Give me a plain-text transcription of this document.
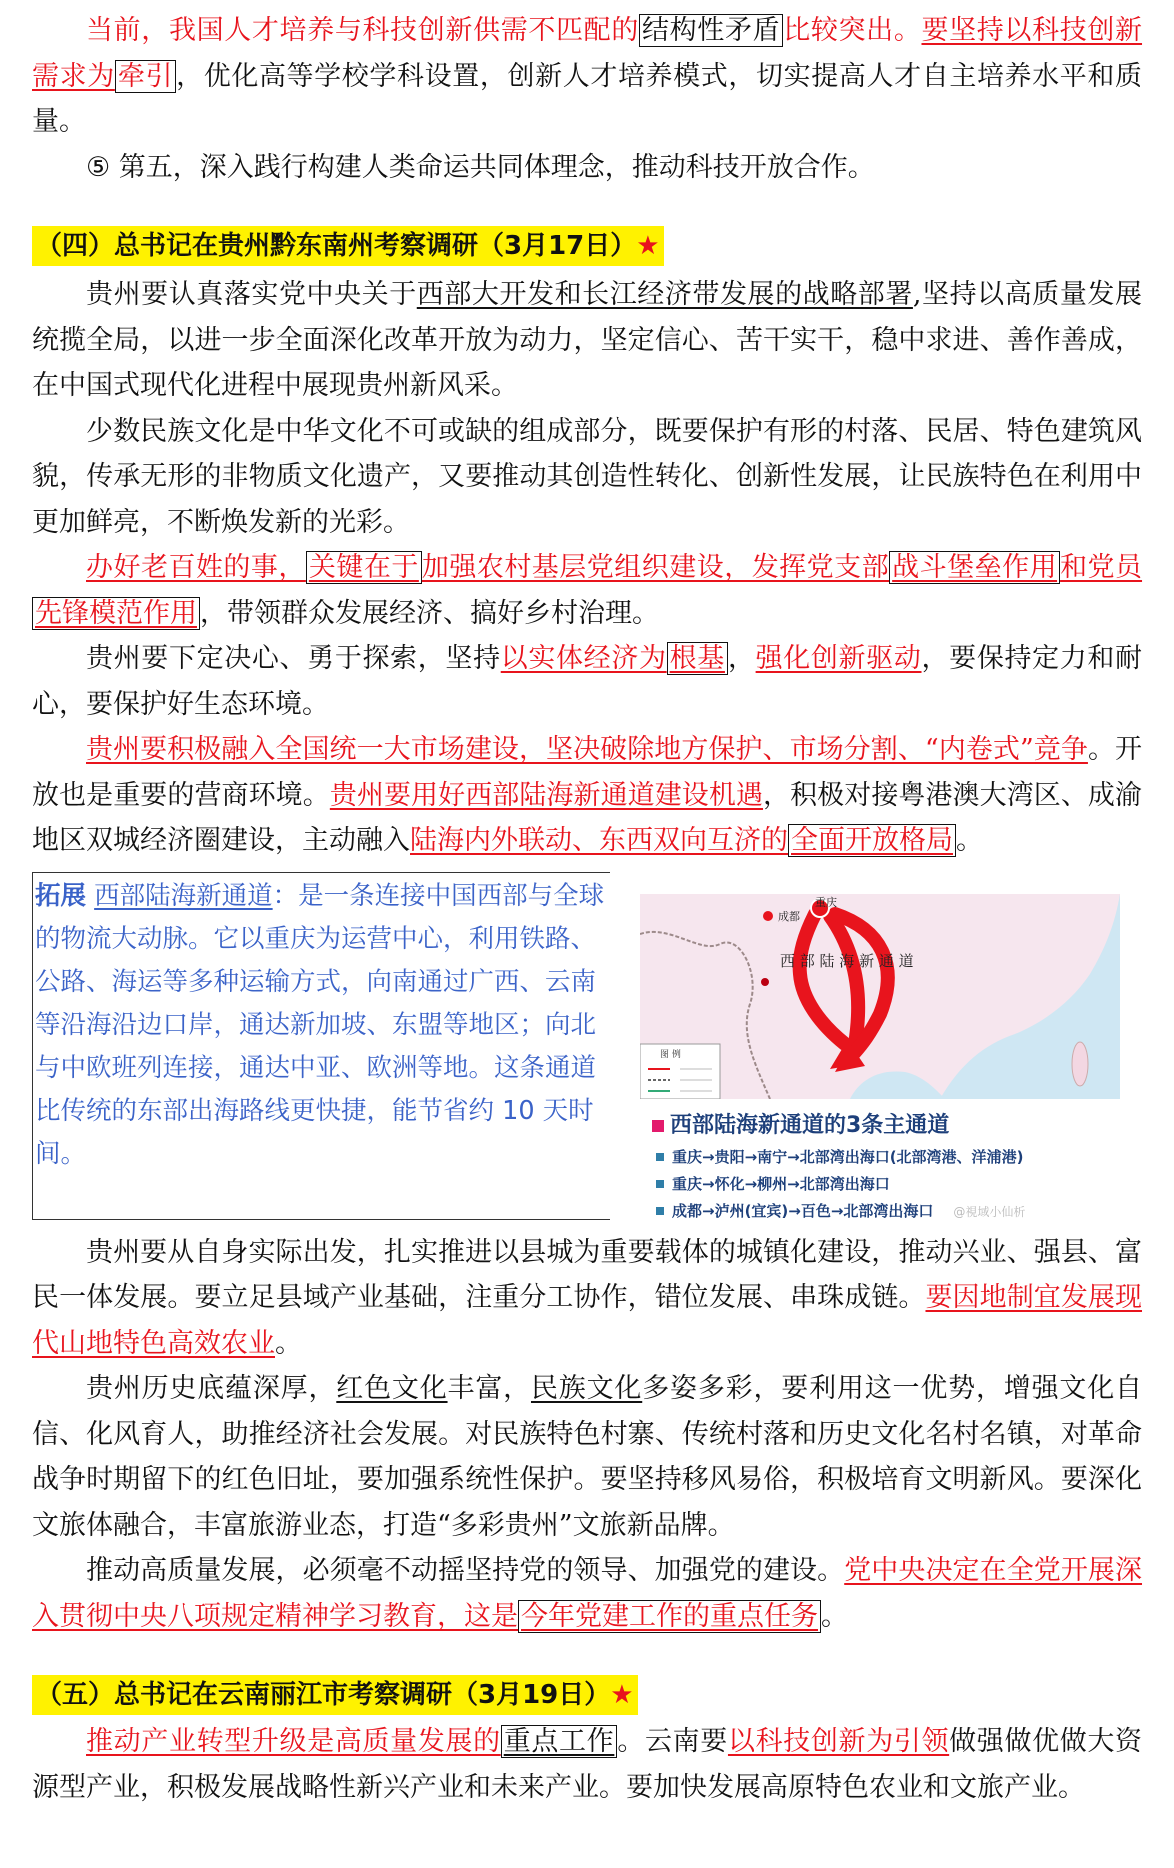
当前，我国人才培养与科技创新供需不匹配的 结构性矛盾 比较突出。要坚持以科技创新需求为 牵引 ，优化高等学校学科设置，创新人才培养模式，切实提高人才自主培养水平和质量。

⑤ 第五，深入践行构建人类命运共同体理念，推动科技开放合作。

（四）总书记在贵州黔东南州考察调研（3月17日）★

贵州要认真落实党中央关于西部大开发和长江经济带发展的战略部署,坚持以高质量发展统揽全局，以进一步全面深化改革开放为动力，坚定信心、苦干实干，稳中求进、善作善成，在中国式现代化进程中展现贵州新风采。

少数民族文化是中华文化不可或缺的组成部分，既要保护有形的村落、民居、特色建筑风貌，传承无形的非物质文化遗产，又要推动其创造性转化、创新性发展，让民族特色在利用中更加鲜亮，不断焕发新的光彩。

办好老百姓的事， 关键在于 加强农村基层党组织建设，发挥党支部 战斗堡垒作用 和党员先锋模范作用 ，带领群众发展经济、搞好乡村治理。

贵州要下定决心、勇于探索，坚持以实体经济为 根基 ，强化创新驱动，要保持定力和耐心，要保护好生态环境。

贵州要积极融入全国统一大市场建设，坚决破除地方保护、市场分割、“内卷式”竞争。开放也是重要的营商环境。贵州要用好西部陆海新通道建设机遇，积极对接粤港澳大湾区、成渝地区双城经济圈建设，主动融入陆海内外联动、东西双向互济的 全面开放格局 。

拓展 西部陆海新通道：是一条连接中国西部与全球的物流大动脉。它以重庆为运营中心，利用铁路、公路、海运等多种运输方式，向南通过广西、云南等沿海沿边口岸，通达新加坡、东盟等地区；向北与中欧班列连接，通达中亚、欧洲等地。这条通道比传统的东部出海路线更快捷，能节省约 10 天时间。
成都
重庆
西 部 陆 海 新 通 道
图 例
西部陆海新通道的3条主通道
重庆→贵阳→南宁→北部湾出海口(北部湾港、洋浦港)
重庆→怀化→柳州→北部湾出海口
成都→泸州(宜宾)→百色→北部湾出海口 @視域小仙析

贵州要从自身实际出发，扎实推进以县城为重要载体的城镇化建设，推动兴业、强县、富民一体发展。要立足县域产业基础，注重分工协作，错位发展、串珠成链。要因地制宜发展现代山地特色高效农业。

贵州历史底蕴深厚，红色文化丰富，民族文化多姿多彩，要利用这一优势，增强文化自信、化风育人，助推经济社会发展。对民族特色村寨、传统村落和历史文化名村名镇，对革命战争时期留下的红色旧址，要加强系统性保护。要坚持移风易俗，积极培育文明新风。要深化文旅体融合，丰富旅游业态，打造“多彩贵州”文旅新品牌。

推动高质量发展，必须毫不动摇坚持党的领导、加强党的建设。党中央决定在全党开展深入贯彻中央八项规定精神学习教育，这是 今年党建工作的重点任务 。

（五）总书记在云南丽江市考察调研（3月19日）★

推动产业转型升级是高质量发展的 重点工作 。云南要以科技创新为引领做强做优做大资源型产业，积极发展战略性新兴产业和未来产业。要加快发展高原特色农业和文旅产业。
